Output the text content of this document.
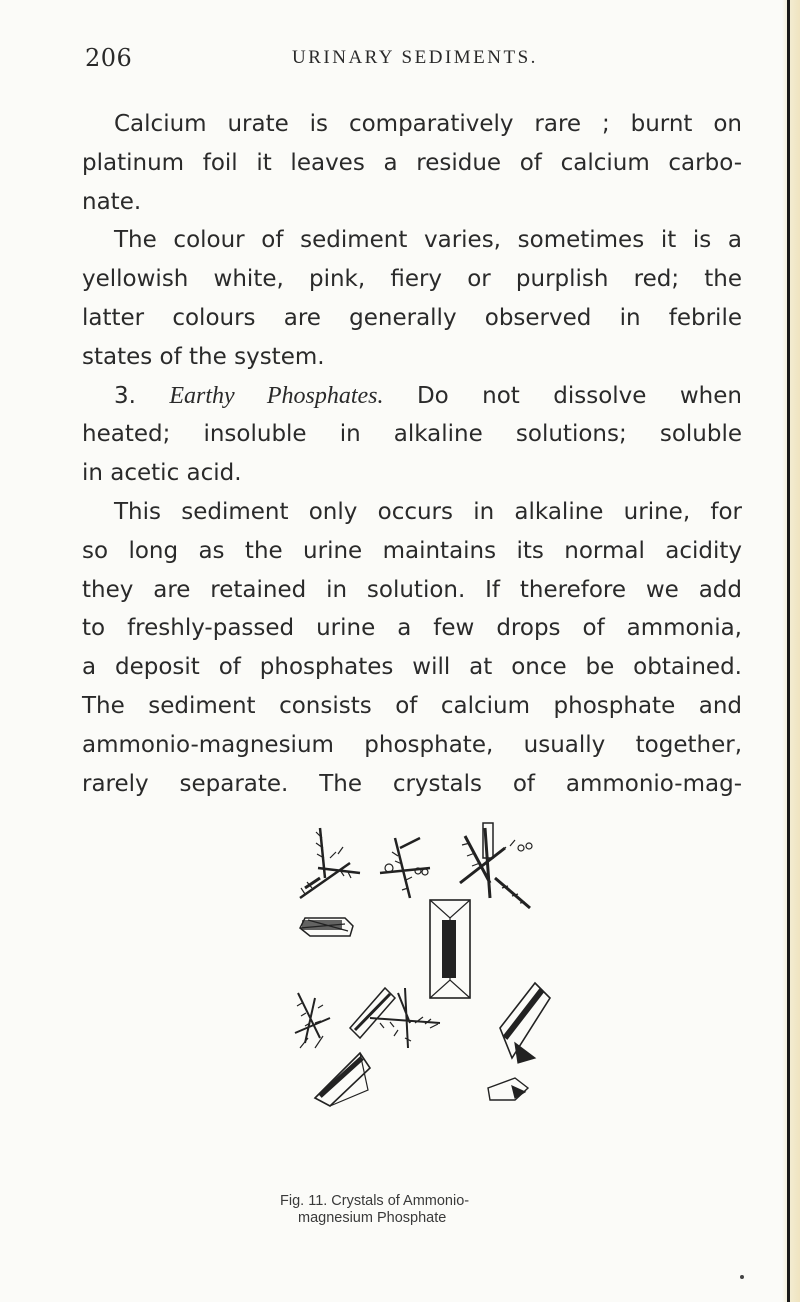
206	URINARY SEDIMENTS.
Calcium urate is comparatively rare ; burnt on
platinum foil it leaves a residue of calcium carbo-
nate.
The colour of sediment varies, sometimes it is a
yellowish white, pink, fiery or purplish red; the
latter colours are generally observed in febrile
states of the system.
3. Earthy Phosphates. Do not dissolve when
heated; insoluble in alkaline solutions; soluble
in acetic acid.
This sediment only occurs in alkaline urine, for
so long as the urine maintains its normal acidity
they are retained in solution. If therefore we add
to freshly-passed urine a few drops of ammonia,
a deposit of phosphates will at once be obtained.
The sediment consists of calcium phosphate and
ammonio-magnesium phosphate, usually together,
rarely separate. The crystals of ammonio-mag-
Fig. 11. Crystals of Ammonio-
magnesium Phosphate
